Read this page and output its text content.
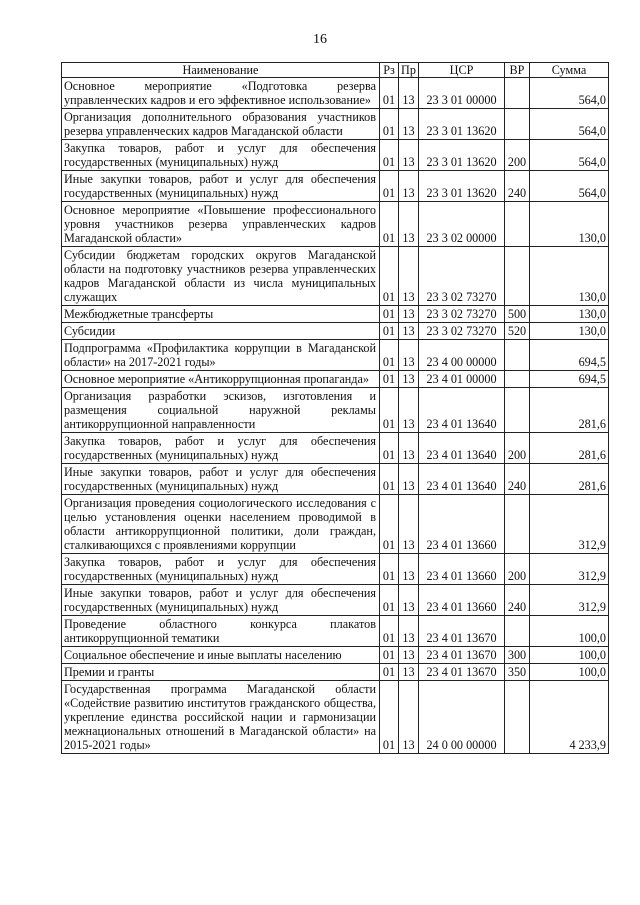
16
Наименование	Рз	Пр	ЦСР	ВР	Сумма
Основное мероприятие «Подготовка резерва управленческих кадров и его эффективное использование»	01	13	23 3 01 00000		564,0
Организация дополнительного образования участников резерва управленческих кадров Магаданской области	01	13	23 3 01 13620		564,0
Закупка товаров, работ и услуг для обеспечения государственных (муниципальных) нужд	01	13	23 3 01 13620	200	564,0
Иные закупки товаров, работ и услуг для обеспечения государственных (муниципальных) нужд	01	13	23 3 01 13620	240	564,0
Основное мероприятие «Повышение профессионального уровня участников резерва управленческих кадров Магаданской области»	01	13	23 3 02 00000		130,0
Субсидии бюджетам городских округов Магаданской области на подготовку участников резерва управленческих кадров Магаданской области из числа муниципальных служащих	01	13	23 3 02 73270		130,0
Межбюджетные трансферты	01	13	23 3 02 73270	500	130,0
Субсидии	01	13	23 3 02 73270	520	130,0
Подпрограмма «Профилактика коррупции в Магаданской области» на 2017-2021 годы»	01	13	23 4 00 00000		694,5
Основное мероприятие «Антикоррупционная пропаганда»	01	13	23 4 01 00000		694,5
Организация разработки эскизов, изготовления и размещения социальной наружной рекламы антикоррупционной направленности	01	13	23 4 01 13640		281,6
Закупка товаров, работ и услуг для обеспечения государственных (муниципальных) нужд	01	13	23 4 01 13640	200	281,6
Иные закупки товаров, работ и услуг для обеспечения государственных (муниципальных) нужд	01	13	23 4 01 13640	240	281,6
Организация проведения социологического исследования с целью установления оценки населением проводимой в области антикоррупционной политики, доли граждан, сталкивающихся с проявлениями коррупции	01	13	23 4 01 13660		312,9
Закупка товаров, работ и услуг для обеспечения государственных (муниципальных) нужд	01	13	23 4 01 13660	200	312,9
Иные закупки товаров, работ и услуг для обеспечения государственных (муниципальных) нужд	01	13	23 4 01 13660	240	312,9
Проведение областного конкурса плакатов антикоррупционной тематики	01	13	23 4 01 13670		100,0
Социальное обеспечение и иные выплаты населению	01	13	23 4 01 13670	300	100,0
Премии и гранты	01	13	23 4 01 13670	350	100,0
Государственная программа Магаданской области «Содействие развитию институтов гражданского общества, укрепление единства российской нации и гармонизации межнациональных отношений в Магаданской области» на 2015-2021 годы»	01	13	24 0 00 00000		4 233,9
